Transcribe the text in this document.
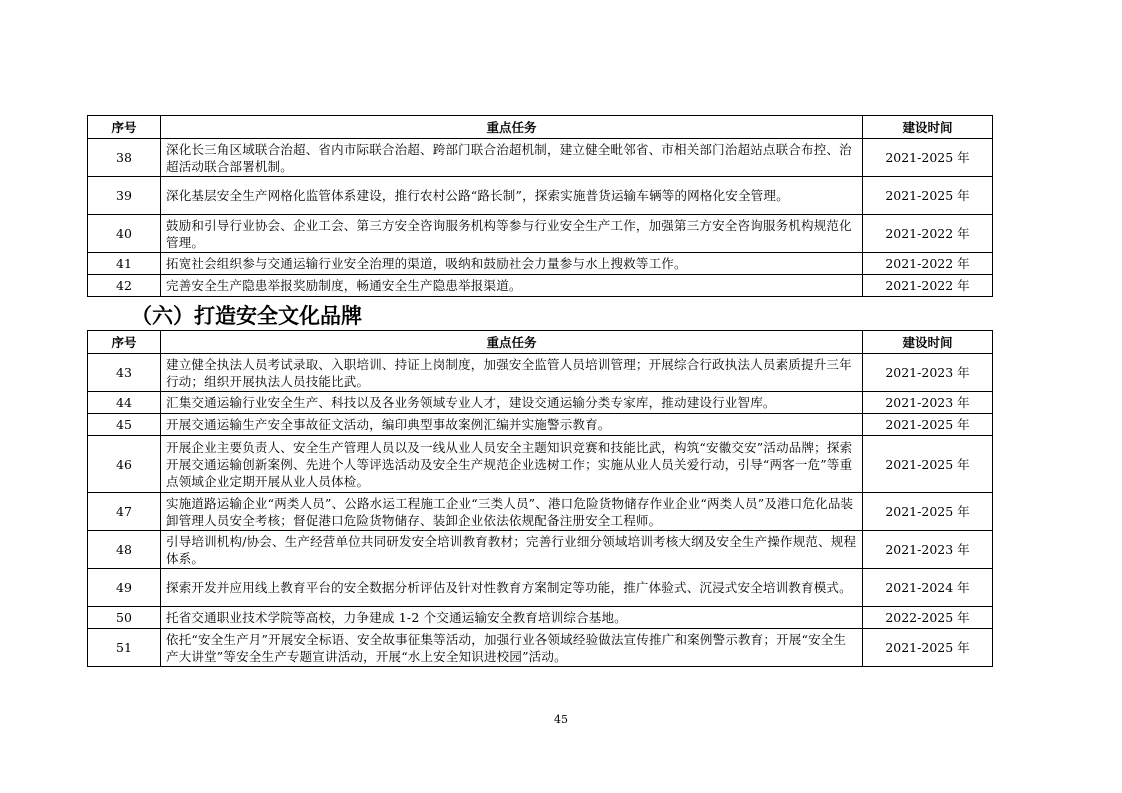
序号	重点任务	建设时间
38	深化长三角区域联合治超、省内市际联合治超、跨部门联合治超机制，建立健全毗邻省、市相关部门治超站点联合布控、治超活动联合部署机制。	2021-2025 年
39	深化基层安全生产网格化监管体系建设，推行农村公路“路长制”，探索实施普货运输车辆等的网格化安全管理。	2021-2025 年
40	鼓励和引导行业协会、企业工会、第三方安全咨询服务机构等参与行业安全生产工作，加强第三方安全咨询服务机构规范化管理。	2021-2022 年
41	拓宽社会组织参与交通运输行业安全治理的渠道，吸纳和鼓励社会力量参与水上搜救等工作。	2021-2022 年
42	完善安全生产隐患举报奖励制度，畅通安全生产隐患举报渠道。	2021-2022 年
（六）打造安全文化品牌
序号	重点任务	建设时间
43	建立健全执法人员考试录取、入职培训、持证上岗制度，加强安全监管人员培训管理；开展综合行政执法人员素质提升三年行动；组织开展执法人员技能比武。	2021-2023 年
44	汇集交通运输行业安全生产、科技以及各业务领域专业人才，建设交通运输分类专家库，推动建设行业智库。	2021-2023 年
45	开展交通运输生产安全事故征文活动，编印典型事故案例汇编并实施警示教育。	2021-2025 年
46	开展企业主要负责人、安全生产管理人员以及一线从业人员安全主题知识竞赛和技能比武，构筑“安徽交安”活动品牌；探索开展交通运输创新案例、先进个人等评选活动及安全生产规范企业选树工作；实施从业人员关爱行动，引导“两客一危”等重点领域企业定期开展从业人员体检。	2021-2025 年
47	实施道路运输企业“两类人员”、公路水运工程施工企业“三类人员”、港口危险货物储存作业企业“两类人员”及港口危化品装卸管理人员安全考核；督促港口危险货物储存、装卸企业依法依规配备注册安全工程师。	2021-2025 年
48	引导培训机构/协会、生产经营单位共同研发安全培训教育教材；完善行业细分领域培训考核大纲及安全生产操作规范、规程体系。	2021-2023 年
49	探索开发并应用线上教育平台的安全数据分析评估及针对性教育方案制定等功能，推广体验式、沉浸式安全培训教育模式。	2021-2024 年
50	托省交通职业技术学院等高校，力争建成 1-2 个交通运输安全教育培训综合基地。	2022-2025 年
51	依托“安全生产月”开展安全标语、安全故事征集等活动，加强行业各领域经验做法宣传推广和案例警示教育；开展“安全生产大讲堂”等安全生产专题宣讲活动，开展“水上安全知识进校园”活动。	2021-2025 年
45
